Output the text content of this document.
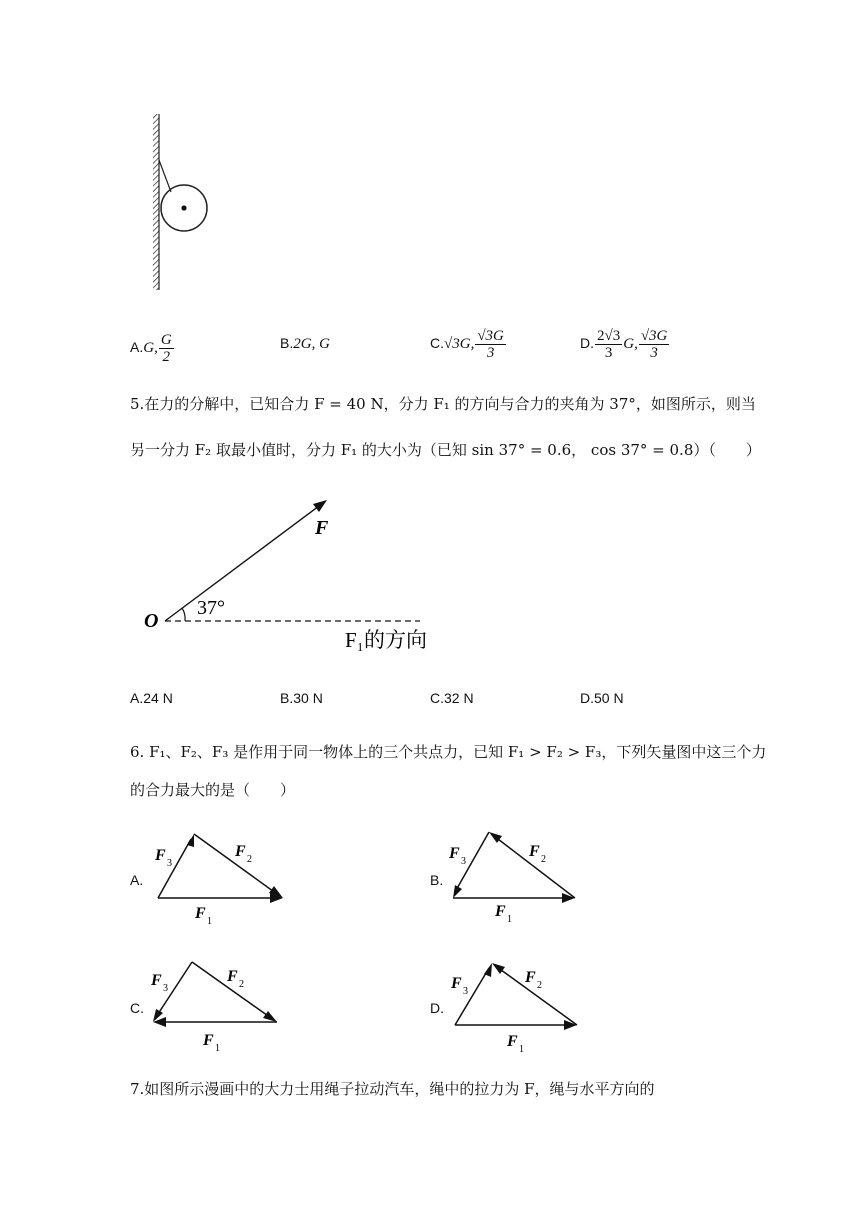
A.G, $\frac{G}{2}$	B.2G, G	C.√3G, $\frac{√3G}{3}$	D. $\frac{2√3}{3} G$, $\frac{√3G}{3}$
5.在力的分解中，已知合力 F = 40 N，分力 F₁ 的方向与合力的夹角为 37°，如图所示，则当
另一分力 F₂ 取最小值时，分力 F₁ 的大小为（已知 sin 37° = 0.6， cos 37° = 0.8）（　　）
F
37°
O
F₁的方向
A.24 N	B.30 N	C.32 N	D.50 N
6. F₁、F₂、F₃ 是作用于同一物体上的三个共点力，已知 F₁ > F₂ > F₃，下列矢量图中这三个力
的合力最大的是（　　）
A.	B.
C.	D.
F 3
F 2
F 1
F 3
F 2
F 1
F 3
F 2
F 1
F 3
F 2
F 1
7.如图所示漫画中的大力士用绳子拉动汽车，绳中的拉力为 F，绳与水平方向的
